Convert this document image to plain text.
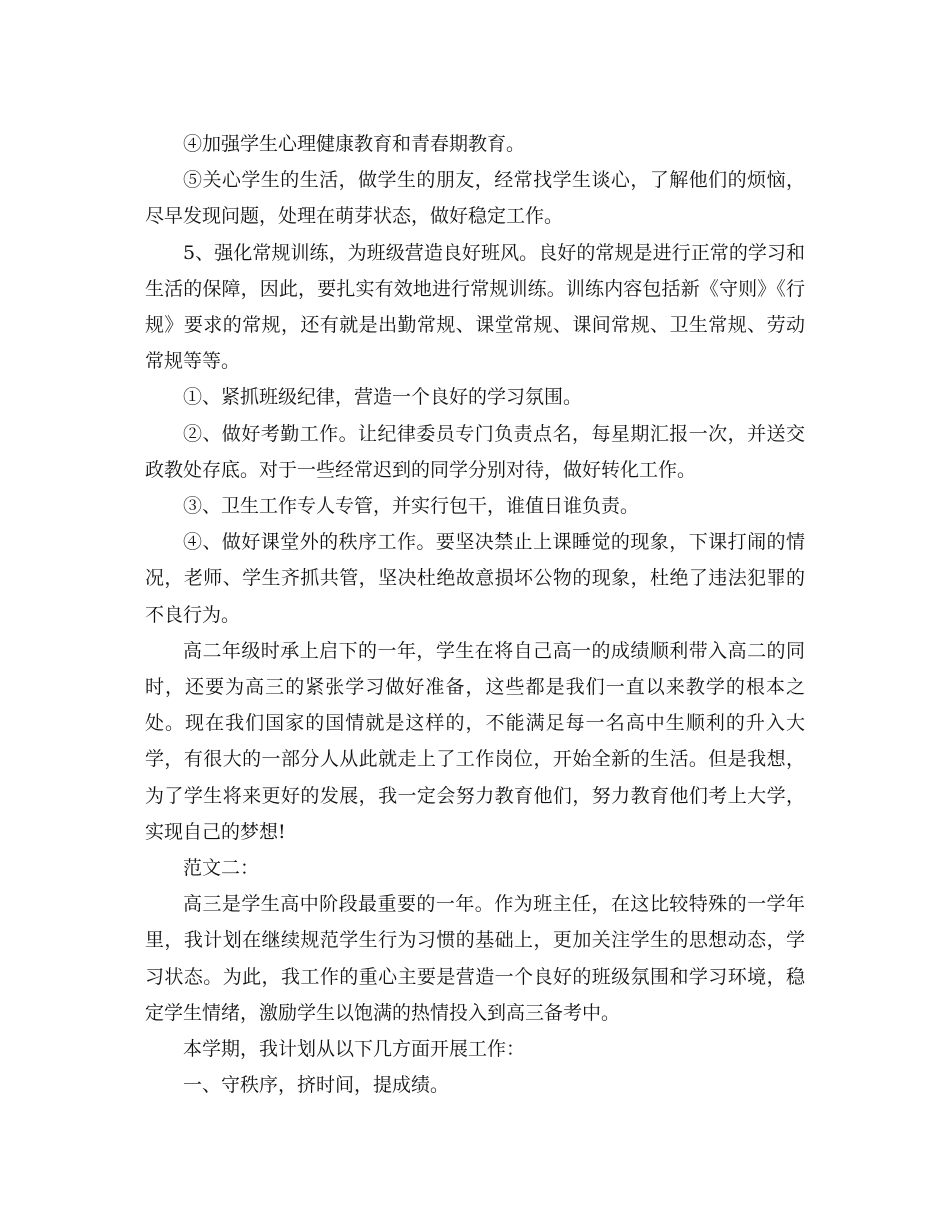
④加强学生心理健康教育和青春期教育。

⑤关心学生的生活，做学生的朋友，经常找学生谈心，了解他们的烦恼，尽早发现问题，处理在萌芽状态，做好稳定工作。

5、强化常规训练，为班级营造良好班风。良好的常规是进行正常的学习和生活的保障，因此，要扎实有效地进行常规训练。训练内容包括新《守则》《行规》要求的常规，还有就是出勤常规、课堂常规、课间常规、卫生常规、劳动常规等等。

①、紧抓班级纪律，营造一个良好的学习氛围。

②、做好考勤工作。让纪律委员专门负责点名，每星期汇报一次，并送交政教处存底。对于一些经常迟到的同学分别对待，做好转化工作。

③、卫生工作专人专管，并实行包干，谁值日谁负责。

④、做好课堂外的秩序工作。要坚决禁止上课睡觉的现象，下课打闹的情况，老师、学生齐抓共管，坚决杜绝故意损坏公物的现象，杜绝了违法犯罪的不良行为。

高二年级时承上启下的一年，学生在将自己高一的成绩顺利带入高二的同时，还要为高三的紧张学习做好准备，这些都是我们一直以来教学的根本之处。现在我们国家的国情就是这样的，不能满足每一名高中生顺利的升入大学，有很大的一部分人从此就走上了工作岗位，开始全新的生活。但是我想，为了学生将来更好的发展，我一定会努力教育他们，努力教育他们考上大学，实现自己的梦想!

范文二：

高三是学生高中阶段最重要的一年。作为班主任，在这比较特殊的一学年里，我计划在继续规范学生行为习惯的基础上，更加关注学生的思想动态，学习状态。为此，我工作的重心主要是营造一个良好的班级氛围和学习环境，稳定学生情绪，激励学生以饱满的热情投入到高三备考中。

本学期，我计划从以下几方面开展工作：

一、守秩序，挤时间，提成绩。
